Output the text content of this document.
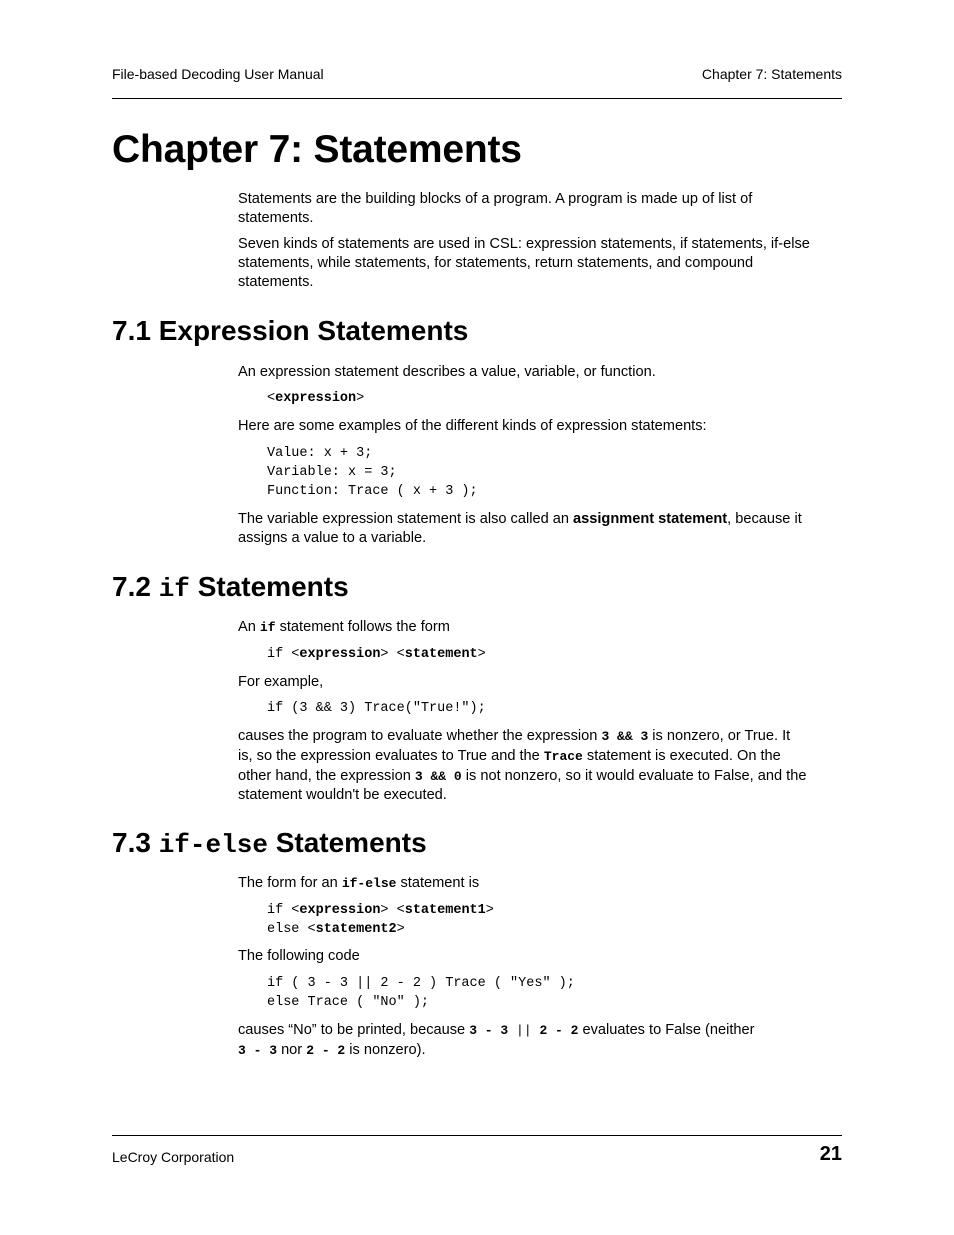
File-based Decoding User Manual	Chapter 7: Statements
Chapter 7: Statements
Statements are the building blocks of a program. A program is made up of list of
statements.
Seven kinds of statements are used in CSL: expression statements, if statements, if-else
statements, while statements, for statements, return statements, and compound
statements.
7.1 Expression Statements
An expression statement describes a value, variable, or function.
<expression>
Here are some examples of the different kinds of expression statements:
Value: x + 3;
Variable: x = 3;
Function: Trace ( x + 3 );
The variable expression statement is also called an assignment statement, because it
assigns a value to a variable.
7.2 if Statements
An if statement follows the form
if <expression> <statement>
For example,
if (3 && 3) Trace("True!");
causes the program to evaluate whether the expression 3 && 3 is nonzero, or True. It
is, so the expression evaluates to True and the Trace statement is executed. On the
other hand, the expression 3 && 0 is not nonzero, so it would evaluate to False, and the
statement wouldn't be executed.
7.3 if-else Statements
The form for an if-else statement is
if <expression> <statement1>
else <statement2>
The following code
if ( 3 - 3 || 2 - 2 ) Trace ( "Yes" );
else Trace ( "No" );
causes “No” to be printed, because 3 - 3 || 2 - 2 evaluates to False (neither
3 - 3 nor 2 - 2 is nonzero).
LeCroy Corporation	21
